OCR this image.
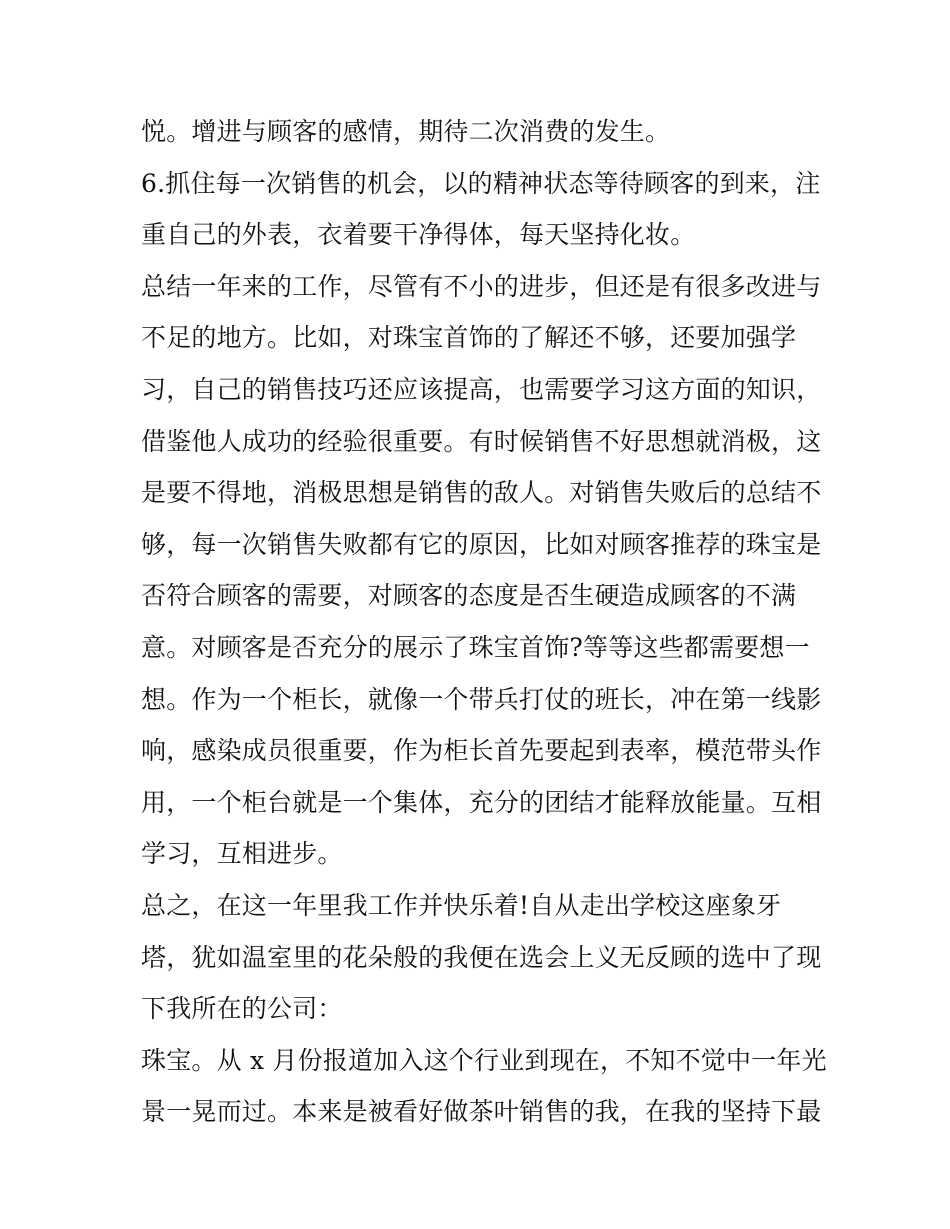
悦。增进与顾客的感情，期待二次消费的发生。
6.抓住每一次销售的机会，以的精神状态等待顾客的到来，注
重自己的外表，衣着要干净得体，每天坚持化妆。
总结一年来的工作，尽管有不小的进步，但还是有很多改进与
不足的地方。比如，对珠宝首饰的了解还不够，还要加强学
习，自己的销售技巧还应该提高，也需要学习这方面的知识，
借鉴他人成功的经验很重要。有时候销售不好思想就消极，这
是要不得地，消极思想是销售的敌人。对销售失败后的总结不
够，每一次销售失败都有它的原因，比如对顾客推荐的珠宝是
否符合顾客的需要，对顾客的态度是否生硬造成顾客的不满
意。对顾客是否充分的展示了珠宝首饰?等等这些都需要想一
想。作为一个柜长，就像一个带兵打仗的班长，冲在第一线影
响，感染成员很重要，作为柜长首先要起到表率，模范带头作
用，一个柜台就是一个集体，充分的团结才能释放能量。互相
学习，互相进步。
总之，在这一年里我工作并快乐着!自从走出学校这座象牙
塔，犹如温室里的花朵般的我便在选会上义无反顾的选中了现
下我所在的公司：
珠宝。从 x 月份报道加入这个行业到现在，不知不觉中一年光
景一晃而过。本来是被看好做茶叶销售的我，在我的坚持下最
